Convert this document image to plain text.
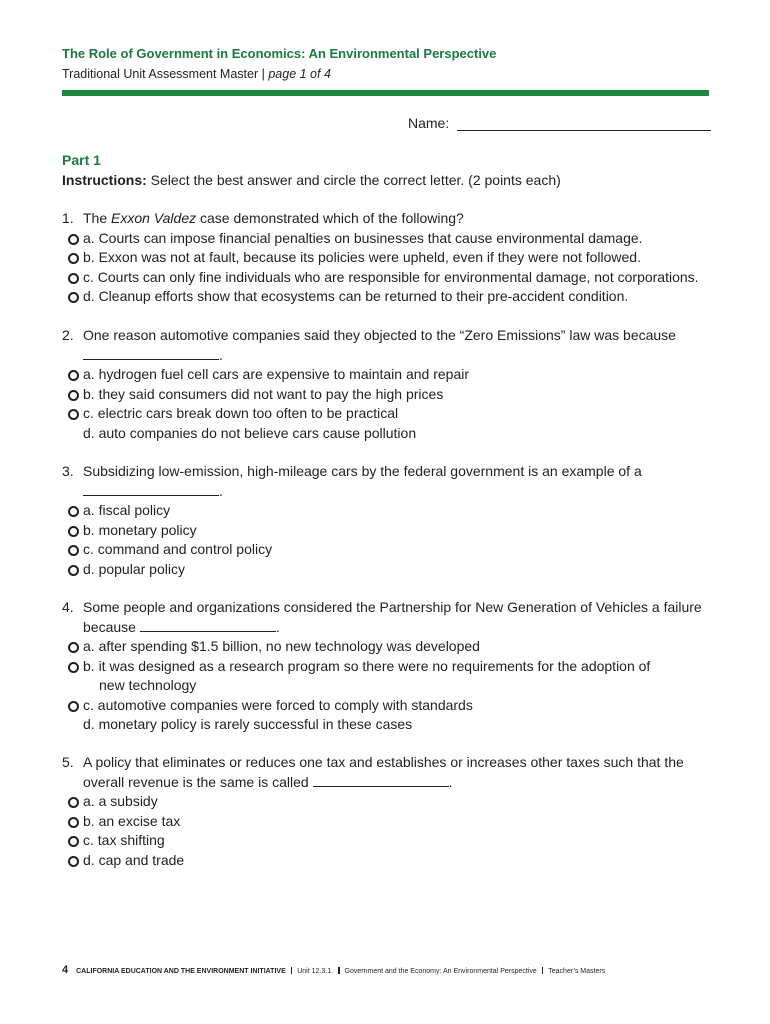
The Role of Government in Economics: An Environmental Perspective
Traditional Unit Assessment Master | page 1 of 4
Name:
Part 1
Instructions: Select the best answer and circle the correct letter. (2 points each)
1. The Exxon Valdez case demonstrated which of the following?
a. Courts can impose financial penalties on businesses that cause environmental damage.
b. Exxon was not at fault, because its policies were upheld, even if they were not followed.
c. Courts can only fine individuals who are responsible for environmental damage, not corporations.
d. Cleanup efforts show that ecosystems can be returned to their pre-accident condition.
2. One reason automotive companies said they objected to the “Zero Emissions” law was because
.
a. hydrogen fuel cell cars are expensive to maintain and repair
b. they said consumers did not want to pay the high prices
c. electric cars break down too often to be practical
d. auto companies do not believe cars cause pollution
3. Subsidizing low-emission, high-mileage cars by the federal government is an example of a
.
a. fiscal policy
b. monetary policy
c. command and control policy
d. popular policy
4. Some people and organizations considered the Partnership for New Generation of Vehicles a failure because	.
a. after spending $1.5 billion, no new technology was developed
b. it was designed as a research program so there were no requirements for the adoption of
new technology
c. automotive companies were forced to comply with standards
d. monetary policy is rarely successful in these cases
5. A policy that eliminates or reduces one tax and establishes or increases other taxes such that the overall revenue is the same is called	.
a. a subsidy
b. an excise tax
c. tax shifting
d. cap and trade
4 CALIFORNIA EDUCATION AND THE ENVIRONMENT INITIATIVE Unit 12.3.1. Government and the Economy: An Environmental Perspective Teacher’s Masters
